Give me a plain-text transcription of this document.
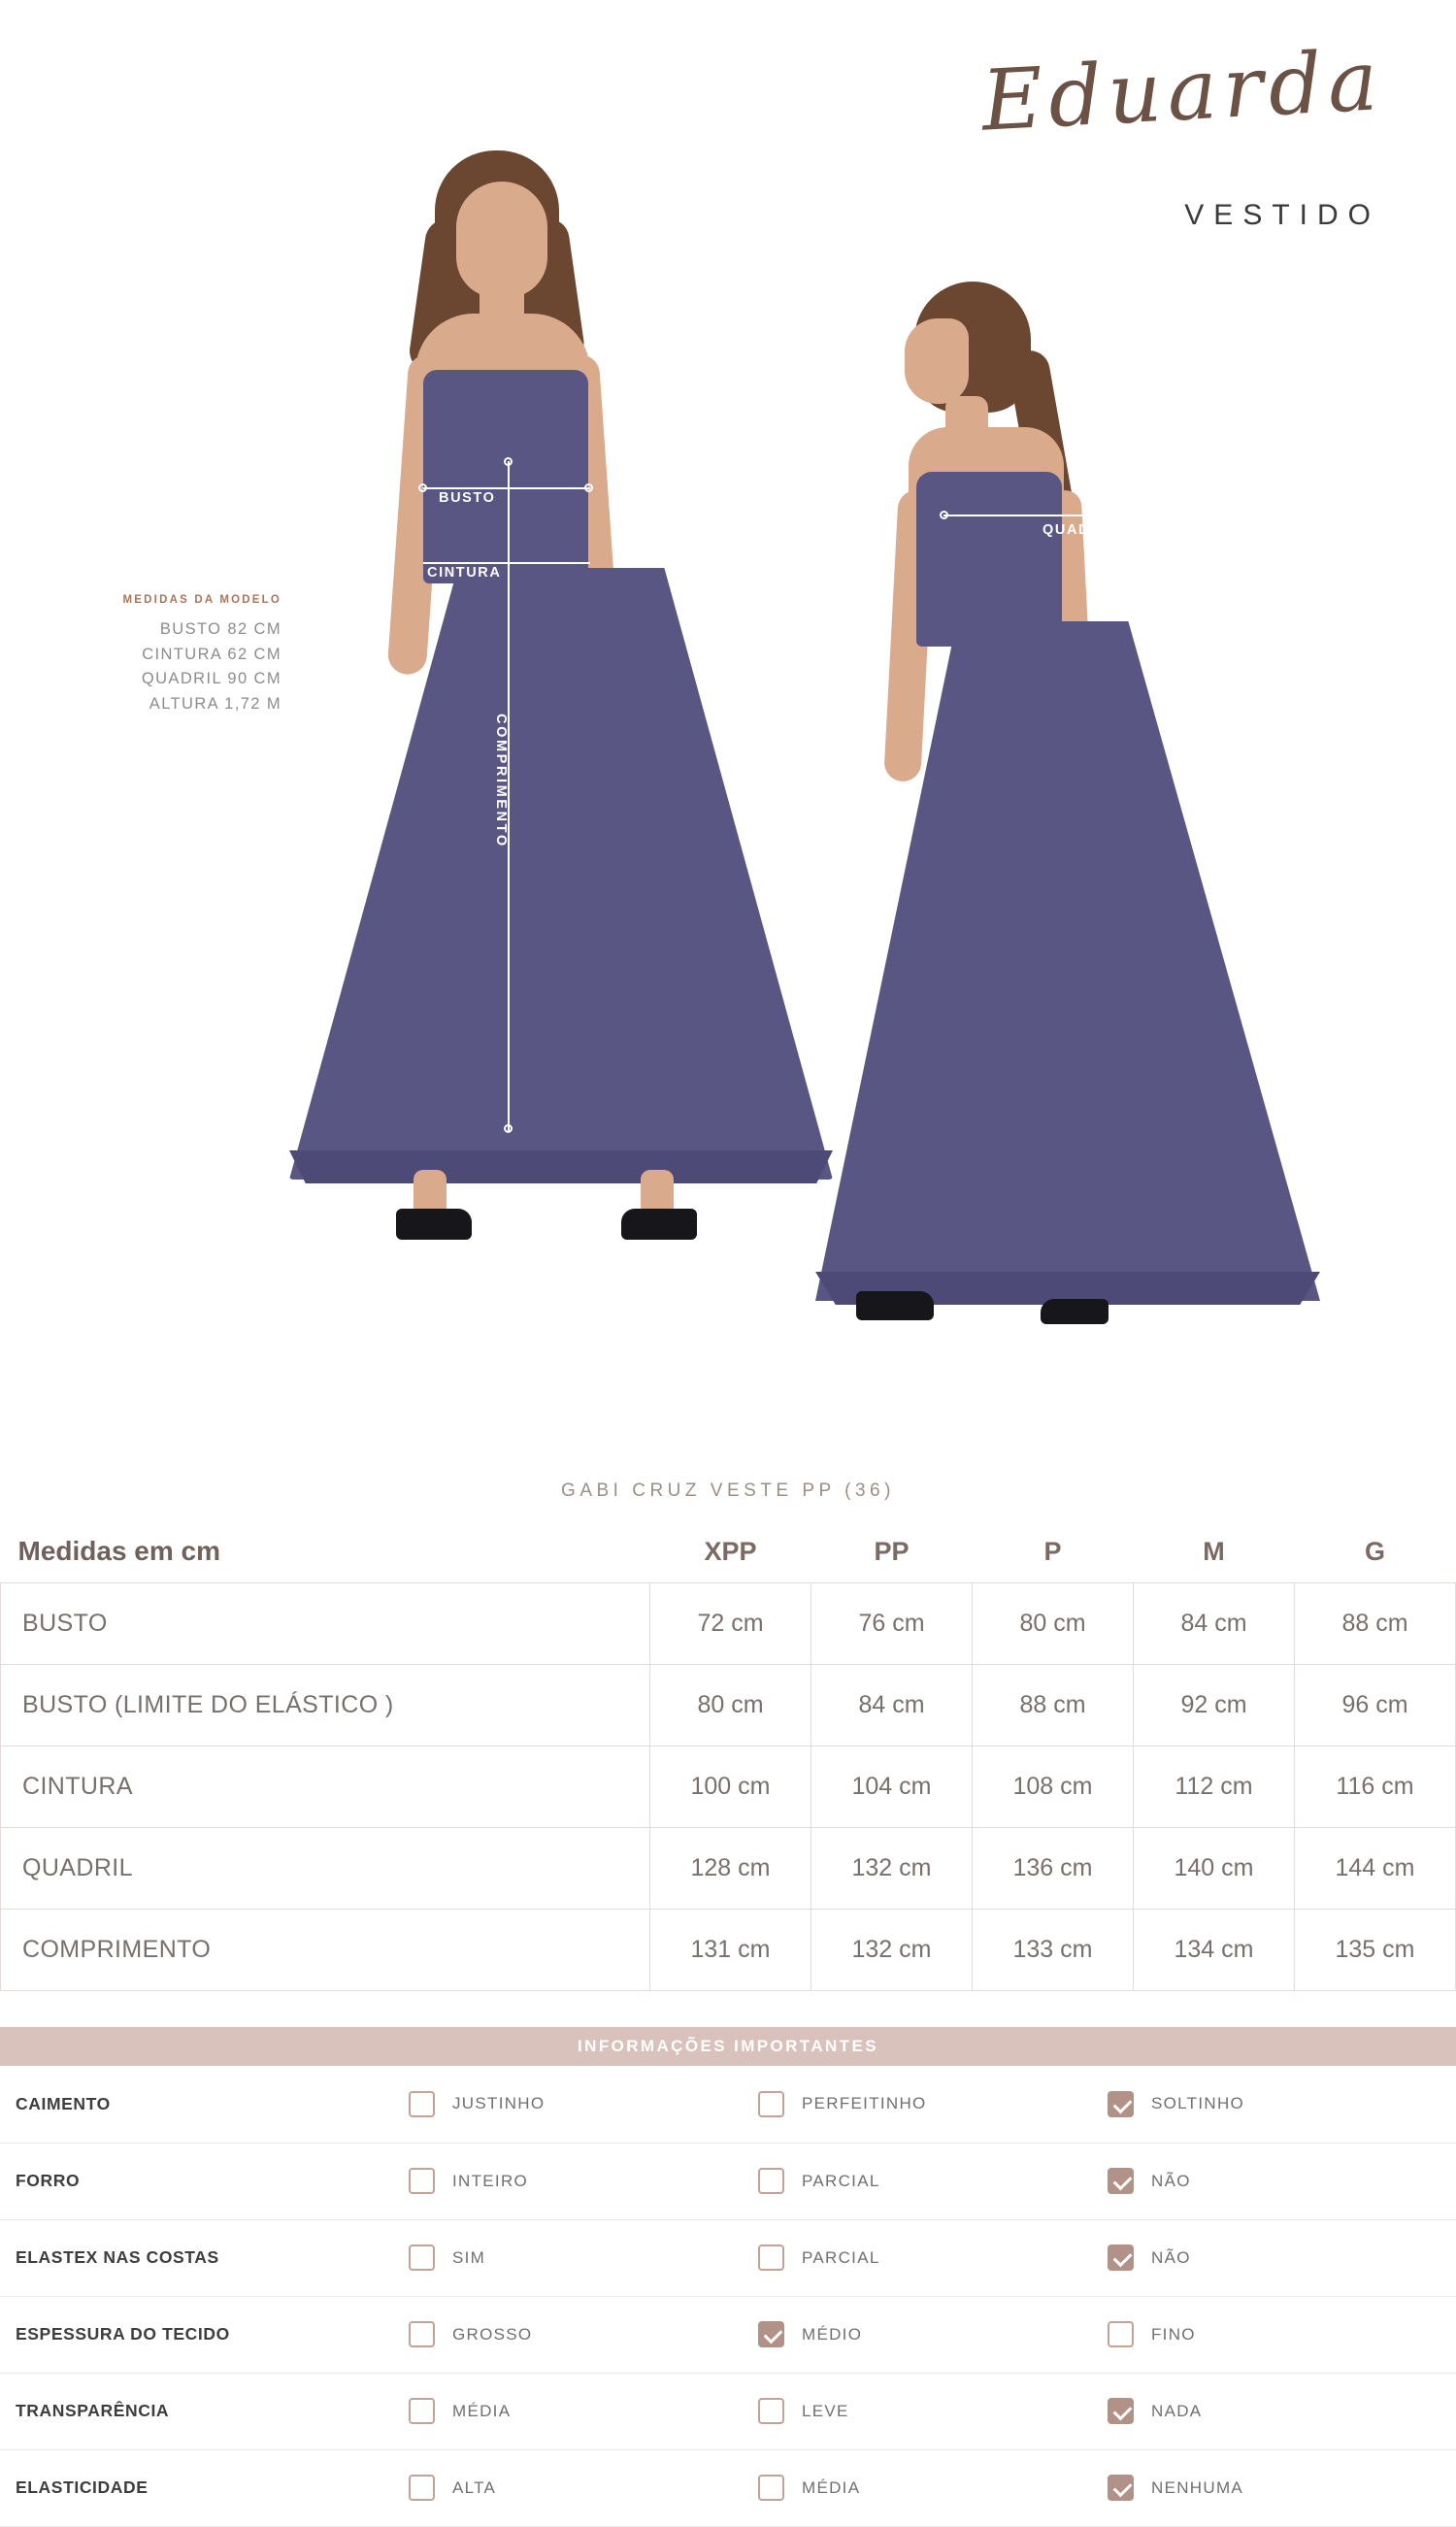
Eduarda
VESTIDO
MEDIDAS DA MODELO
BUSTO 82 CM
CINTURA 62 CM
QUADRIL 90 CM
ALTURA 1,72 M
BUSTO
CINTURA
COMPRIMENTO
QUADRIL
GABI CRUZ VESTE PP (36)
Medidas em cm	XPP	PP	P	M	G
BUSTO	72 cm	76 cm	80 cm	84 cm	88 cm
BUSTO (LIMITE DO ELÁSTICO )	80 cm	84 cm	88 cm	92 cm	96 cm
CINTURA	100 cm	104 cm	108 cm	112 cm	116 cm
QUADRIL	128 cm	132 cm	136 cm	140 cm	144 cm
COMPRIMENTO	131 cm	132 cm	133 cm	134 cm	135 cm
INFORMAÇÕES IMPORTANTES
CAIMENTO	JUSTINHO	PERFEITINHO	SOLTINHO

FORRO	INTEIRO	PARCIAL	NÃO

ELASTEX NAS COSTAS	SIM	PARCIAL	NÃO

ESPESSURA DO TECIDO	GROSSO	MÉDIO	FINO

TRANSPARÊNCIA	MÉDIA	LEVE	NADA

ELASTICIDADE	ALTA	MÉDIA	NENHUMA
